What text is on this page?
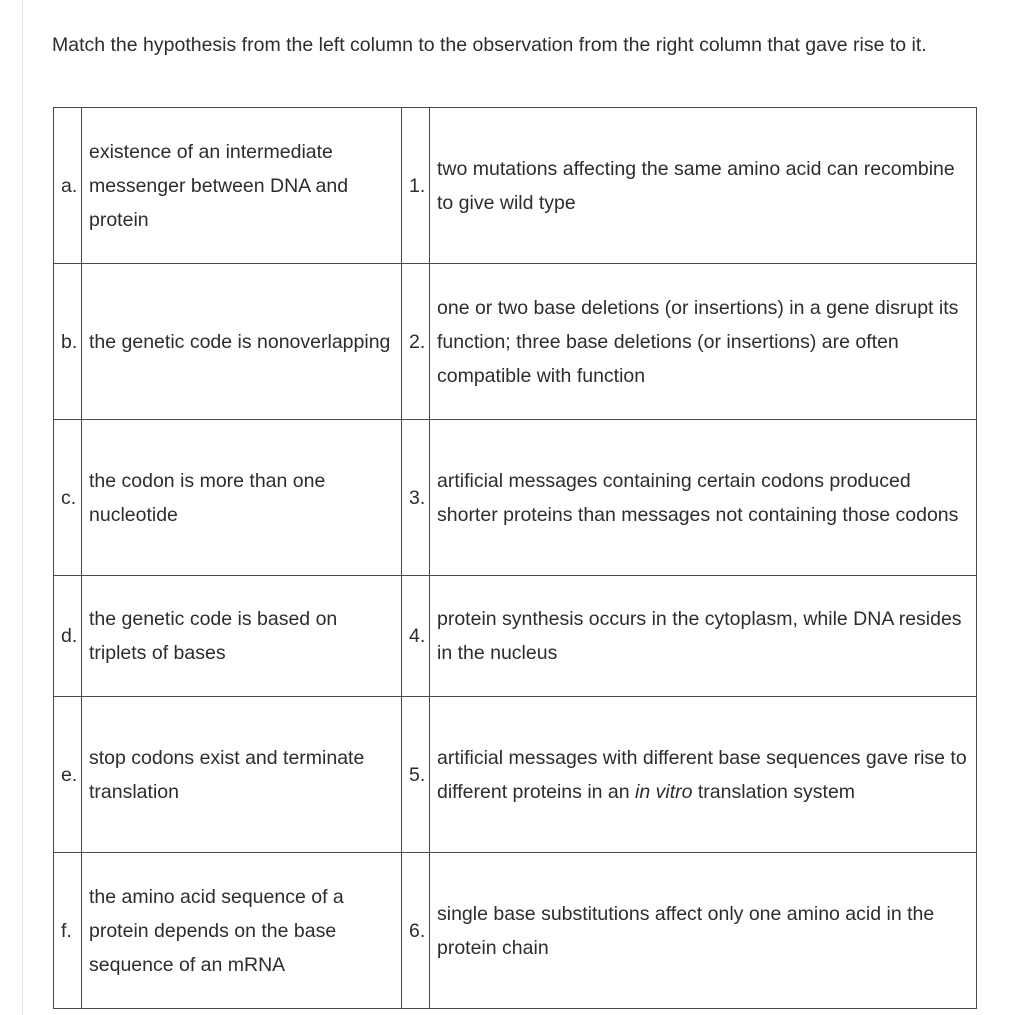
Match the hypothesis from the left column to the observation from the right column that gave rise to it.

a.	existence of an intermediate messenger between DNA and protein	1.	two mutations affecting the same amino acid can recombine to give wild type
b.	the genetic code is nonoverlapping	2.	one or two base deletions (or insertions) in a gene disrupt its function; three base deletions (or insertions) are often compatible with function
c.	the codon is more than one nucleotide	3.	artificial messages containing certain codons produced shorter proteins than messages not containing those codons
d.	the genetic code is based on triplets of bases	4.	protein synthesis occurs in the cytoplasm, while DNA resides in the nucleus
e.	stop codons exist and terminate translation	5.	artificial messages with different base sequences gave rise to different proteins in an in vitro translation system
f.	the amino acid sequence of a protein depends on the base sequence of an mRNA	6.	single base substitutions affect only one amino acid in the protein chain
